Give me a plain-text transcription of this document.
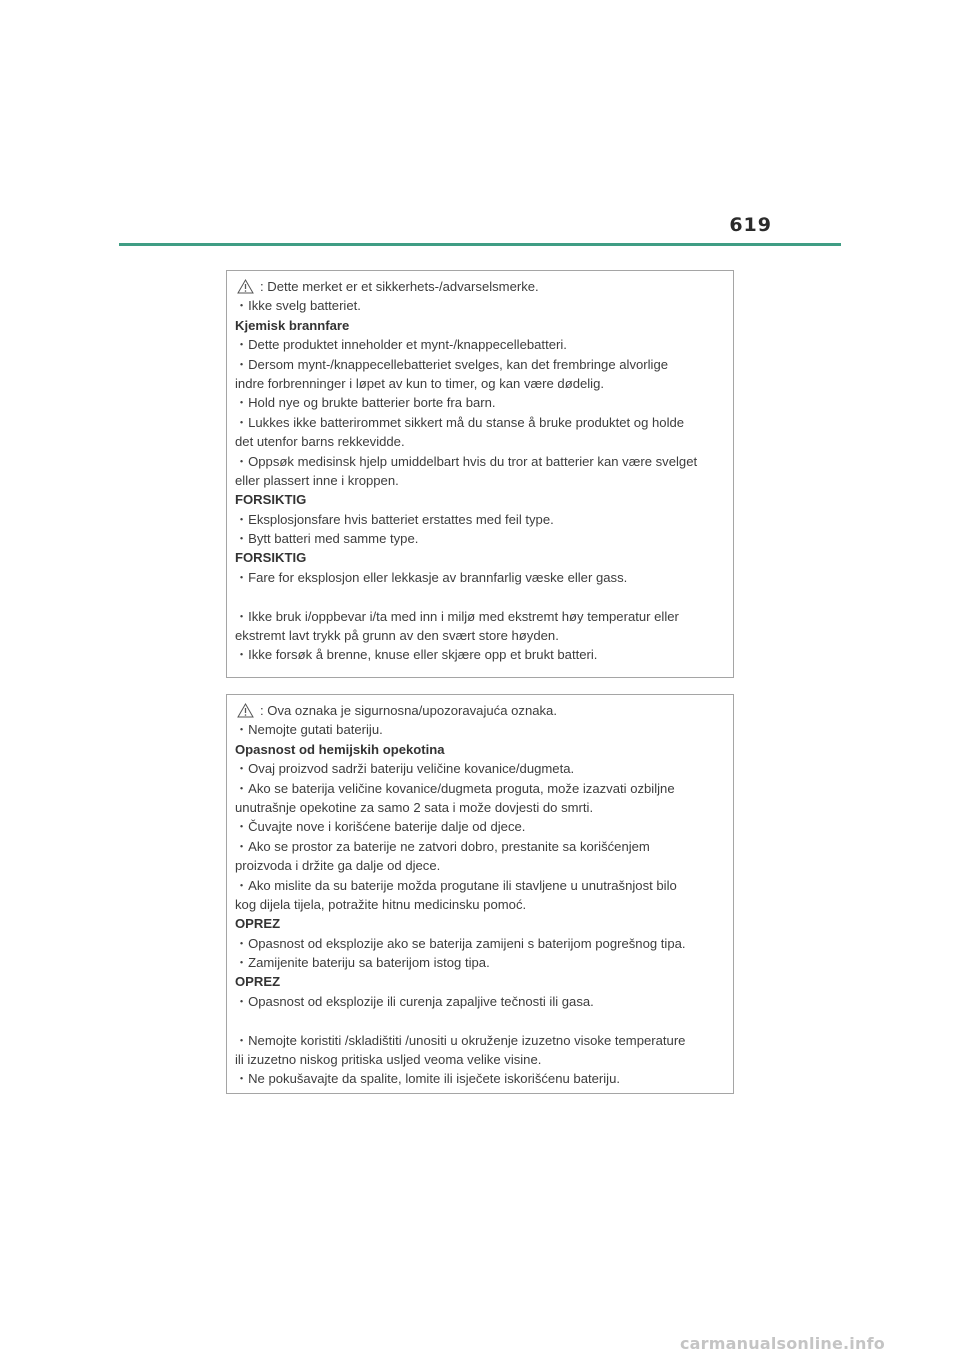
619
: Dette merket er et sikkerhets-/advarselsmerke.
・Ikke svelg batteriet.
Kjemisk brannfare
・Dette produktet inneholder et mynt-/knappecellebatteri.
・Dersom mynt-/knappecellebatteriet svelges, kan det frembringe alvorlige
indre forbrenninger i løpet av kun to timer, og kan være dødelig.
・Hold nye og brukte batterier borte fra barn.
・Lukkes ikke batterirommet sikkert må du stanse å bruke produktet og holde
det utenfor barns rekkevidde.
・Oppsøk medisinsk hjelp umiddelbart hvis du tror at batterier kan være svelget
eller plassert inne i kroppen.
FORSIKTIG
・Eksplosjonsfare hvis batteriet erstattes med feil type.
・Bytt batteri med samme type.
FORSIKTIG
・Fare for eksplosjon eller lekkasje av brannfarlig væske eller gass.
・Ikke bruk i/oppbevar i/ta med inn i miljø med ekstremt høy temperatur eller
ekstremt lavt trykk på grunn av den svært store høyden.
・Ikke forsøk å brenne, knuse eller skjære opp et brukt batteri.
: Ova oznaka je sigurnosna/upozoravajuća oznaka.
・Nemojte gutati bateriju.
Opasnost od hemijskih opekotina
・Ovaj proizvod sadrži bateriju veličine kovanice/dugmeta.
・Ako se baterija veličine kovanice/dugmeta proguta, može izazvati ozbiljne
unutrašnje opekotine za samo 2 sata i može dovjesti do smrti.
・Čuvajte nove i korišćene baterije dalje od djece.
・Ako se prostor za baterije ne zatvori dobro, prestanite sa korišćenjem
proizvoda i držite ga dalje od djece.
・Ako mislite da su baterije možda progutane ili stavljene u unutrašnjost bilo
kog dijela tijela, potražite hitnu medicinsku pomoć.
OPREZ
・Opasnost od eksplozije ako se baterija zamijeni s baterijom pogrešnog tipa.
・Zamijenite bateriju sa baterijom istog tipa.
OPREZ
・Opasnost od eksplozije ili curenja zapaljive tečnosti ili gasa.
・Nemojte koristiti /skladištiti /unositi u okruženje izuzetno visoke temperature
ili izuzetno niskog pritiska usljed veoma velike visine.
・Ne pokušavajte da spalite, lomite ili isječete iskorišćenu bateriju.
carmanualsonline.info
